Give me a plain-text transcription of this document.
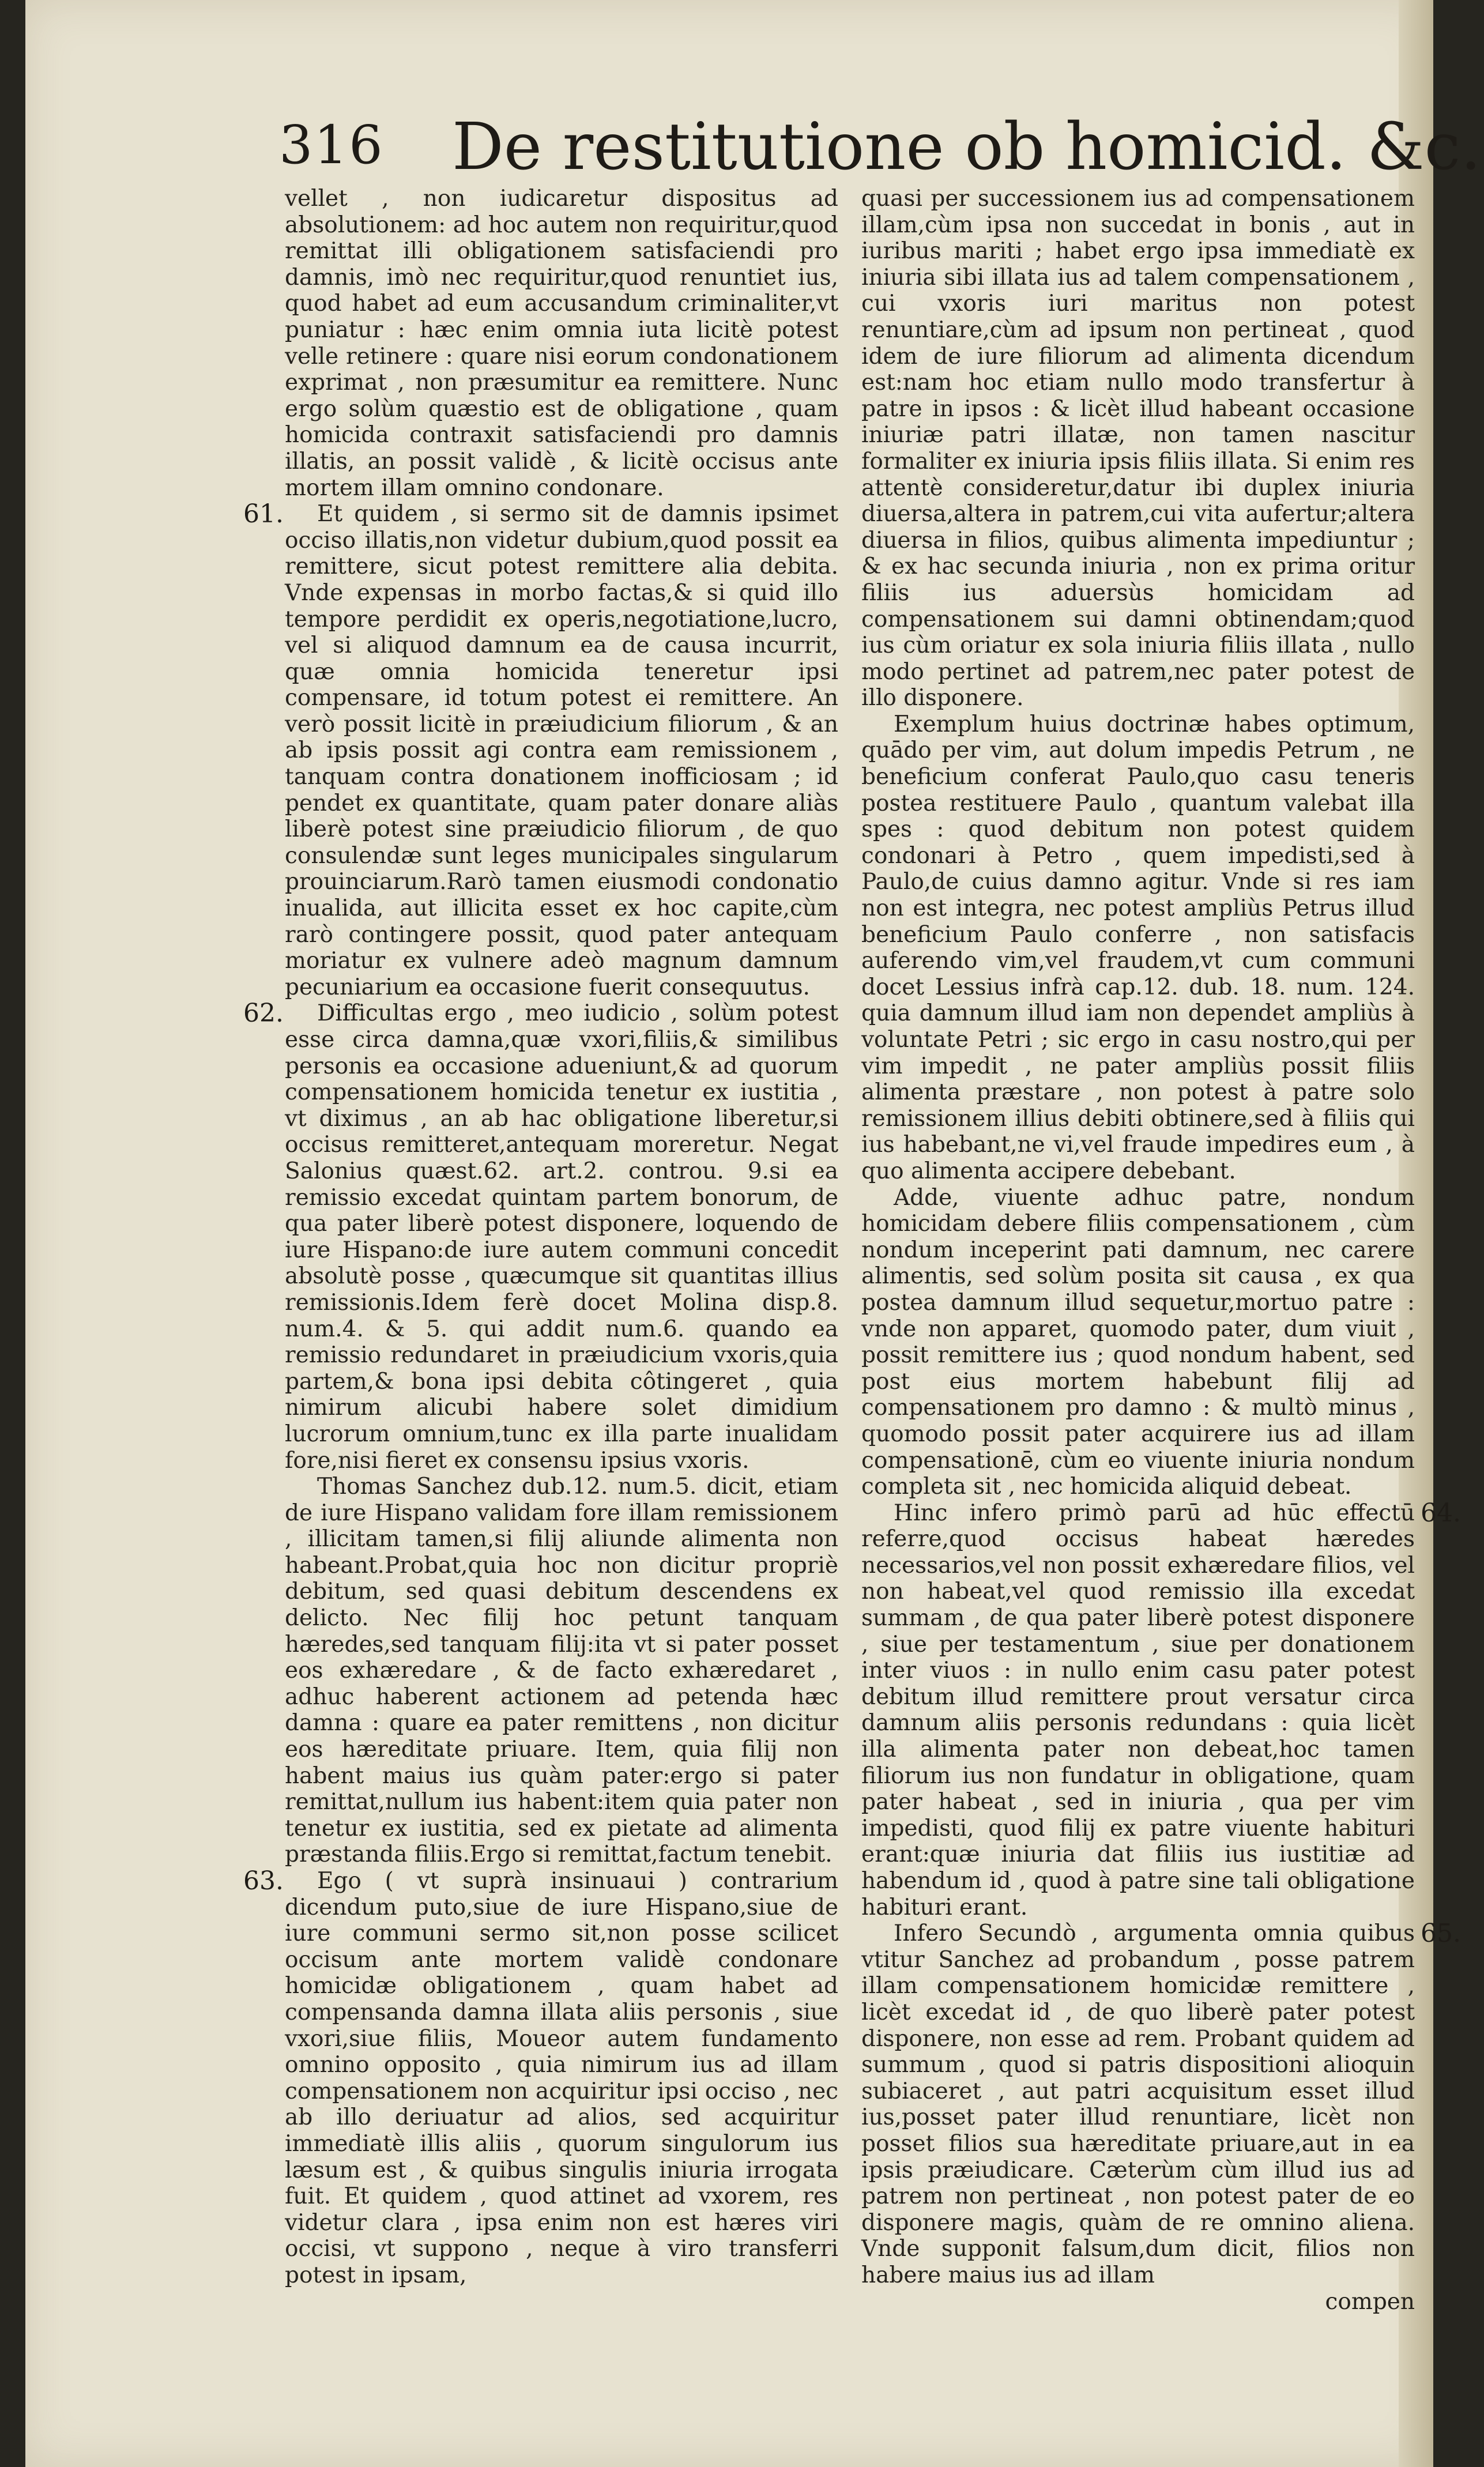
316 De restitutione ob homicid. &c.

vellet , non iudicaretur dispositus ad absolutionem: ad hoc autem non requiritur,quod remittat illi obligationem satisfaciendi pro damnis, imò nec requiritur,quod renuntiet ius, quod habet ad eum accusandum criminaliter,vt puniatur : hæc enim omnia iuta licitè potest velle retinere : quare nisi eorum condonationem exprimat , non præsumitur ea remittere. Nunc ergo solùm quæstio est de obligatione , quam homicida contraxit satisfaciendi pro damnis illatis, an possit validè , & licitè occisus ante mortem illam omnino condonare.

61. Et quidem , si sermo sit de damnis ipsimet occiso illatis,non videtur dubium,quod possit ea remittere, sicut potest remittere alia debita. Vnde expensas in morbo factas,& si quid illo tempore perdidit ex operis,negotiatione,lucro, vel si aliquod damnum ea de causa incurrit, quæ omnia homicida teneretur ipsi compensare, id totum potest ei remittere. An verò possit licitè in præiudicium filiorum , & an ab ipsis possit agi contra eam remissionem , tanquam contra donationem inofficiosam ; id pendet ex quantitate, quam pater donare aliàs liberè potest sine præiudicio filiorum , de quo consulendæ sunt leges municipales singularum prouinciarum.Rarò tamen eiusmodi condonatio inualida, aut illicita esset ex hoc capite,cùm rarò contingere possit, quod pater antequam moriatur ex vulnere adeò magnum damnum pecuniarium ea occasione fuerit consequutus.

62. Difficultas ergo , meo iudicio , solùm potest esse circa damna,quæ vxori,filiis,& similibus personis ea occasione adueniunt,& ad quorum compensationem homicida tenetur ex iustitia , vt diximus , an ab hac obligatione liberetur,si occisus remitteret,antequam moreretur. Negat Salonius quæst.62. art.2. controu. 9.si ea remissio excedat quintam partem bonorum, de qua pater liberè potest disponere, loquendo de iure Hispano:de iure autem communi concedit absolutè posse , quæcumque sit quantitas illius remissionis.Idem ferè docet Molina disp.8. num.4. & 5. qui addit num.6. quando ea remissio redundaret in præiudicium vxoris,quia partem,& bona ipsi debita côtingeret , quia nimirum alicubi habere solet dimidium lucrorum omnium,tunc ex illa parte inualidam fore,nisi fieret ex consensu ipsius vxoris.

Thomas Sanchez dub.12. num.5. dicit, etiam de iure Hispano validam fore illam remissionem , illicitam tamen,si filij aliunde alimenta non habeant.Probat,quia hoc non dicitur propriè debitum, sed quasi debitum descendens ex delicto. Nec filij hoc petunt tanquam hæredes,sed tanquam filij:ita vt si pater posset eos exhæredare , & de facto exhæredaret , adhuc haberent actionem ad petenda hæc damna : quare ea pater remittens , non dicitur eos hæreditate priuare. Item, quia filij non habent maius ius quàm pater:ergo si pater remittat,nullum ius habent:item quia pater non tenetur ex iustitia, sed ex pietate ad alimenta præstanda filiis.Ergo si remittat,factum tenebit.

63. Ego ( vt suprà insinuaui ) contrarium dicendum puto,siue de iure Hispano,siue de iure communi sermo sit,non posse scilicet occisum ante mortem validè condonare homicidæ obligationem , quam habet ad compensanda damna illata aliis personis , siue vxori,siue filiis, Moueor autem fundamento omnino opposito , quia nimirum ius ad illam compensationem non acquiritur ipsi occiso , nec ab illo deriuatur ad alios, sed acquiritur immediatè illis aliis , quorum singulorum ius læsum est , & quibus singulis iniuria irrogata fuit. Et quidem , quod attinet ad vxorem, res videtur clara , ipsa enim non est hæres viri occisi, vt suppono , neque à viro transferri potest in ipsam,

quasi per successionem ius ad compensationem illam,cùm ipsa non succedat in bonis , aut in iuribus mariti ; habet ergo ipsa immediatè ex iniuria sibi illata ius ad talem compensationem , cui vxoris iuri maritus non potest renuntiare,cùm ad ipsum non pertineat , quod idem de iure filiorum ad alimenta dicendum est:nam hoc etiam nullo modo transfertur à patre in ipsos : & licèt illud habeant occasione iniuriæ patri illatæ, non tamen nascitur formaliter ex iniuria ipsis filiis illata. Si enim res attentè consideretur,datur ibi duplex iniuria diuersa,altera in patrem,cui vita aufertur;altera diuersa in filios, quibus alimenta impediuntur ; & ex hac secunda iniuria , non ex prima oritur filiis ius aduersùs homicidam ad compensationem sui damni obtinendam;quod ius cùm oriatur ex sola iniuria filiis illata , nullo modo pertinet ad patrem,nec pater potest de illo disponere.

Exemplum huius doctrinæ habes optimum, quādo per vim, aut dolum impedis Petrum , ne beneficium conferat Paulo,quo casu teneris postea restituere Paulo , quantum valebat illa spes : quod debitum non potest quidem condonari à Petro , quem impedisti,sed à Paulo,de cuius damno agitur. Vnde si res iam non est integra, nec potest ampliùs Petrus illud beneficium Paulo conferre , non satisfacis auferendo vim,vel fraudem,vt cum communi docet Lessius infrà cap.12. dub. 18. num. 124. quia damnum illud iam non dependet ampliùs à voluntate Petri ; sic ergo in casu nostro,qui per vim impedit , ne pater ampliùs possit filiis alimenta præstare , non potest à patre solo remissionem illius debiti obtinere,sed à filiis qui ius habebant,ne vi,vel fraude impedires eum , à quo alimenta accipere debebant.

Adde, viuente adhuc patre, nondum homicidam debere filiis compensationem , cùm nondum inceperint pati damnum, nec carere alimentis, sed solùm posita sit causa , ex qua postea damnum illud sequetur,mortuo patre : vnde non apparet, quomodo pater, dum viuit , possit remittere ius ; quod nondum habent, sed post eius mortem habebunt filij ad compensationem pro damno : & multò minus , quomodo possit pater acquirere ius ad illam compensationē, cùm eo viuente iniuria nondum completa sit , nec homicida aliquid debeat.

64.
Hinc infero primò parū ad hūc effectū referre,quod occisus habeat hæredes necessarios,vel non possit exhæredare filios, vel non habeat,vel quod remissio illa excedat summam , de qua pater liberè potest disponere , siue per testamentum , siue per donationem inter viuos : in nullo enim casu pater potest debitum illud remittere prout versatur circa damnum aliis personis redundans : quia licèt illa alimenta pater non debeat,hoc tamen filiorum ius non fundatur in obligatione, quam pater habeat , sed in iniuria , qua per vim impedisti, quod filij ex patre viuente habituri erant:quæ iniuria dat filiis ius iustitiæ ad habendum id , quod à patre sine tali obligatione habituri erant.

65.
Infero Secundò , argumenta omnia quibus vtitur Sanchez ad probandum , posse patrem illam compensationem homicidæ remittere , licèt excedat id , de quo liberè pater potest disponere, non esse ad rem. Probant quidem ad summum , quod si patris dispositioni alioquin subiaceret , aut patri acquisitum esset illud ius,posset pater illud renuntiare, licèt non posset filios sua hæreditate priuare,aut in ea ipsis præiudicare. Cæterùm cùm illud ius ad patrem non pertineat , non potest pater de eo disponere magis, quàm de re omnino aliena. Vnde supponit falsum,dum dicit, filios non habere maius ius ad illam

compen
